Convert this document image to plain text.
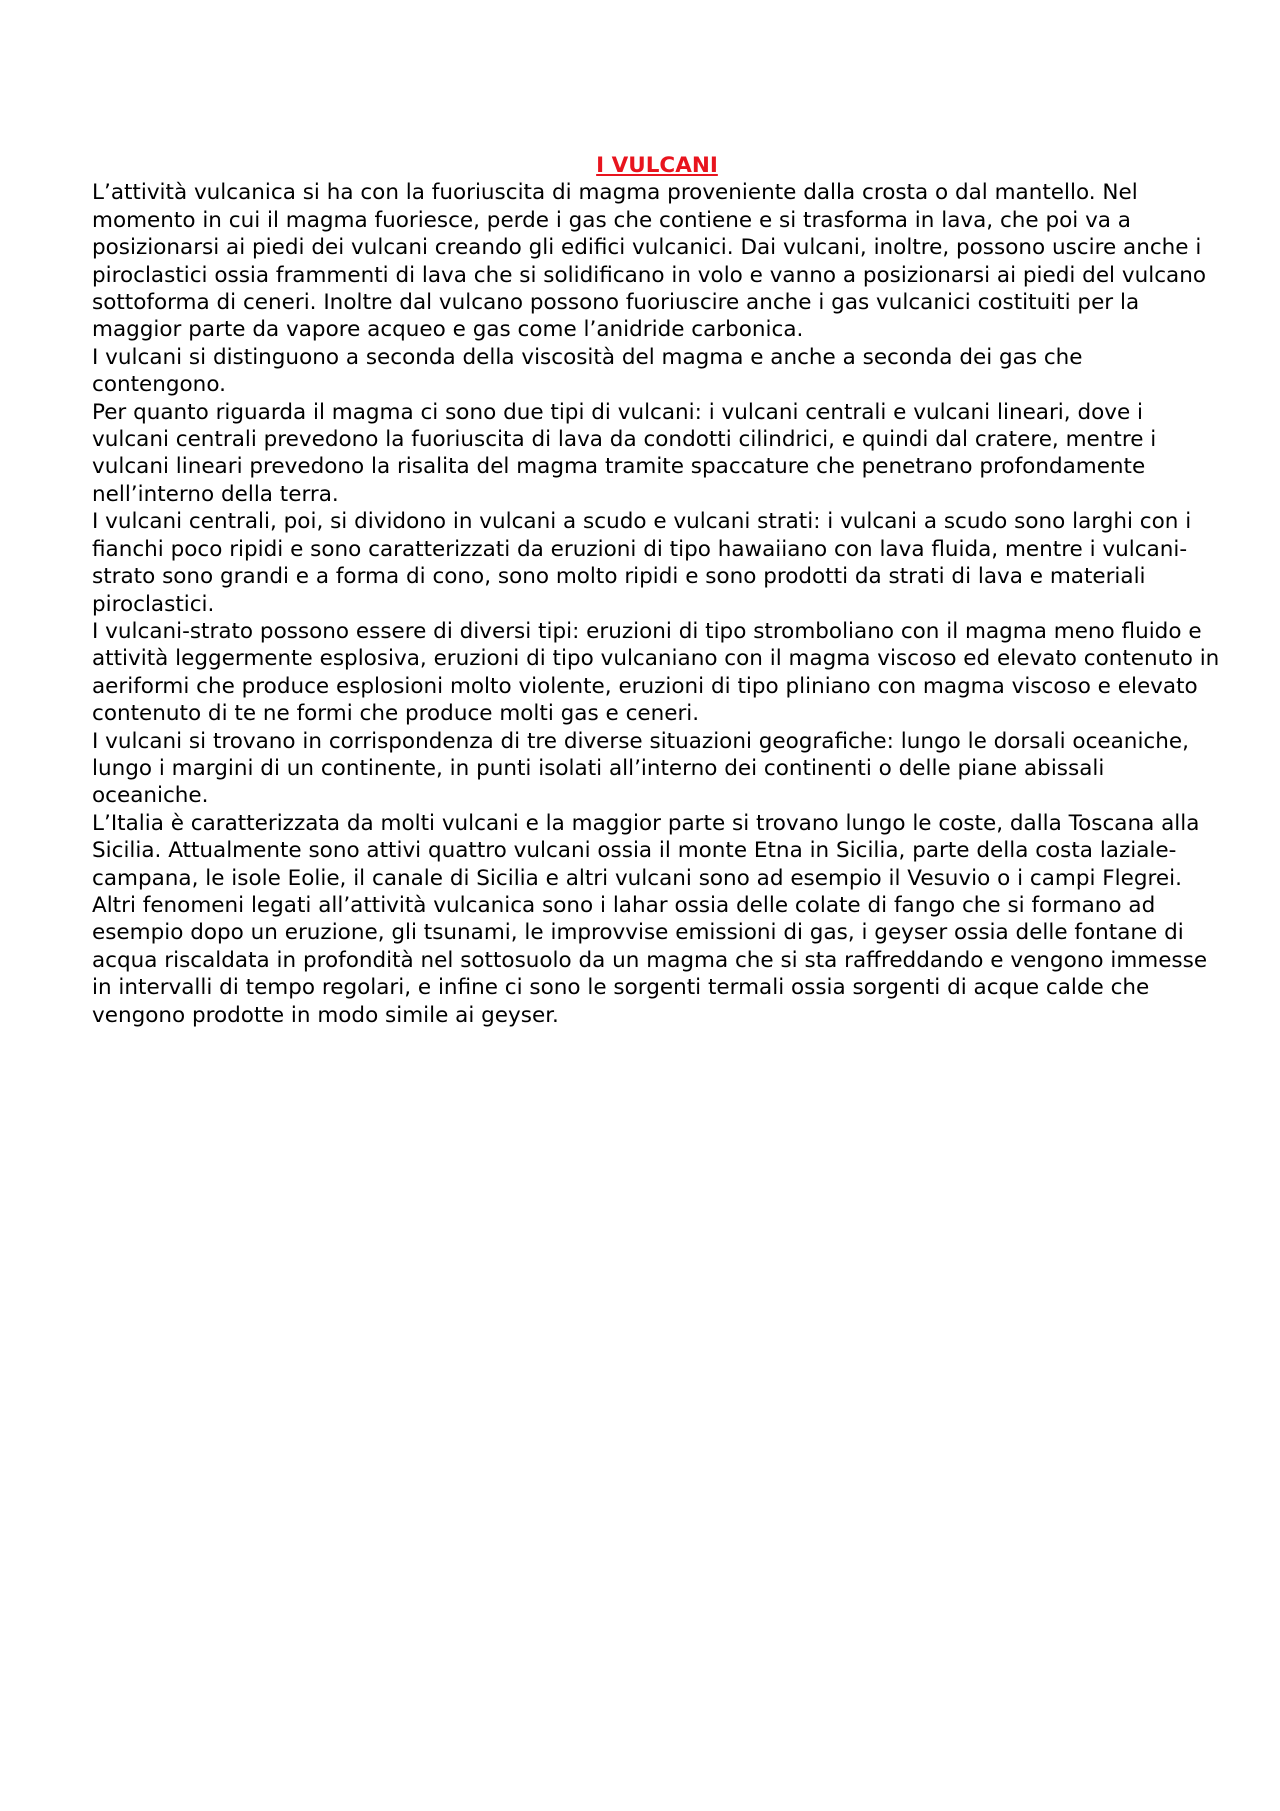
I VULCANI

L’attività vulcanica si ha con la fuoriuscita di magma proveniente dalla crosta o dal mantello. Nel momento in cui il magma fuoriesce, perde i gas che contiene e si trasforma in lava, che poi va a posizionarsi ai piedi dei vulcani creando gli edifici vulcanici. Dai vulcani, inoltre, possono uscire anche i piroclastici ossia frammenti di lava che si solidificano in volo e vanno a posizionarsi ai piedi del vulcano sottoforma di ceneri. Inoltre dal vulcano possono fuoriuscire anche i gas vulcanici costituiti per la maggior parte da vapore acqueo e gas come l’anidride carbonica.

I vulcani si distinguono a seconda della viscosità del magma e anche a seconda dei gas che contengono.

Per quanto riguarda il magma ci sono due tipi di vulcani: i vulcani centrali e vulcani lineari, dove i vulcani centrali prevedono la fuoriuscita di lava da condotti cilindrici, e quindi dal cratere, mentre i vulcani lineari prevedono la risalita del magma tramite spaccature che penetrano profondamente nell’interno della terra.

I vulcani centrali, poi, si dividono in vulcani a scudo e vulcani strati: i vulcani a scudo sono larghi con i fianchi poco ripidi e sono caratterizzati da eruzioni di tipo hawaiiano con lava fluida, mentre i vulcani-strato sono grandi e a forma di cono, sono molto ripidi e sono prodotti da strati di lava e materiali piroclastici.

I vulcani-strato possono essere di diversi tipi: eruzioni di tipo stromboliano con il magma meno fluido e attività leggermente esplosiva, eruzioni di tipo vulcaniano con il magma viscoso ed elevato contenuto in aeriformi che produce esplosioni molto violente, eruzioni di tipo pliniano con magma viscoso e elevato contenuto di te ne formi che produce molti gas e ceneri.

I vulcani si trovano in corrispondenza di tre diverse situazioni geografiche: lungo le dorsali oceaniche, lungo i margini di un continente, in punti isolati all’interno dei continenti o delle piane abissali oceaniche.

L’Italia è caratterizzata da molti vulcani e la maggior parte si trovano lungo le coste, dalla Toscana alla Sicilia. Attualmente sono attivi quattro vulcani ossia il monte Etna in Sicilia, parte della costa laziale-campana, le isole Eolie, il canale di Sicilia e altri vulcani sono ad esempio il Vesuvio o i campi Flegrei.

Altri fenomeni legati all’attività vulcanica sono i lahar ossia delle colate di fango che si formano ad esempio dopo un eruzione, gli tsunami, le improvvise emissioni di gas, i geyser ossia delle fontane di acqua riscaldata in profondità nel sottosuolo da un magma che si sta raffreddando e vengono immesse in intervalli di tempo regolari, e infine ci sono le sorgenti termali ossia sorgenti di acque calde che vengono prodotte in modo simile ai geyser.
